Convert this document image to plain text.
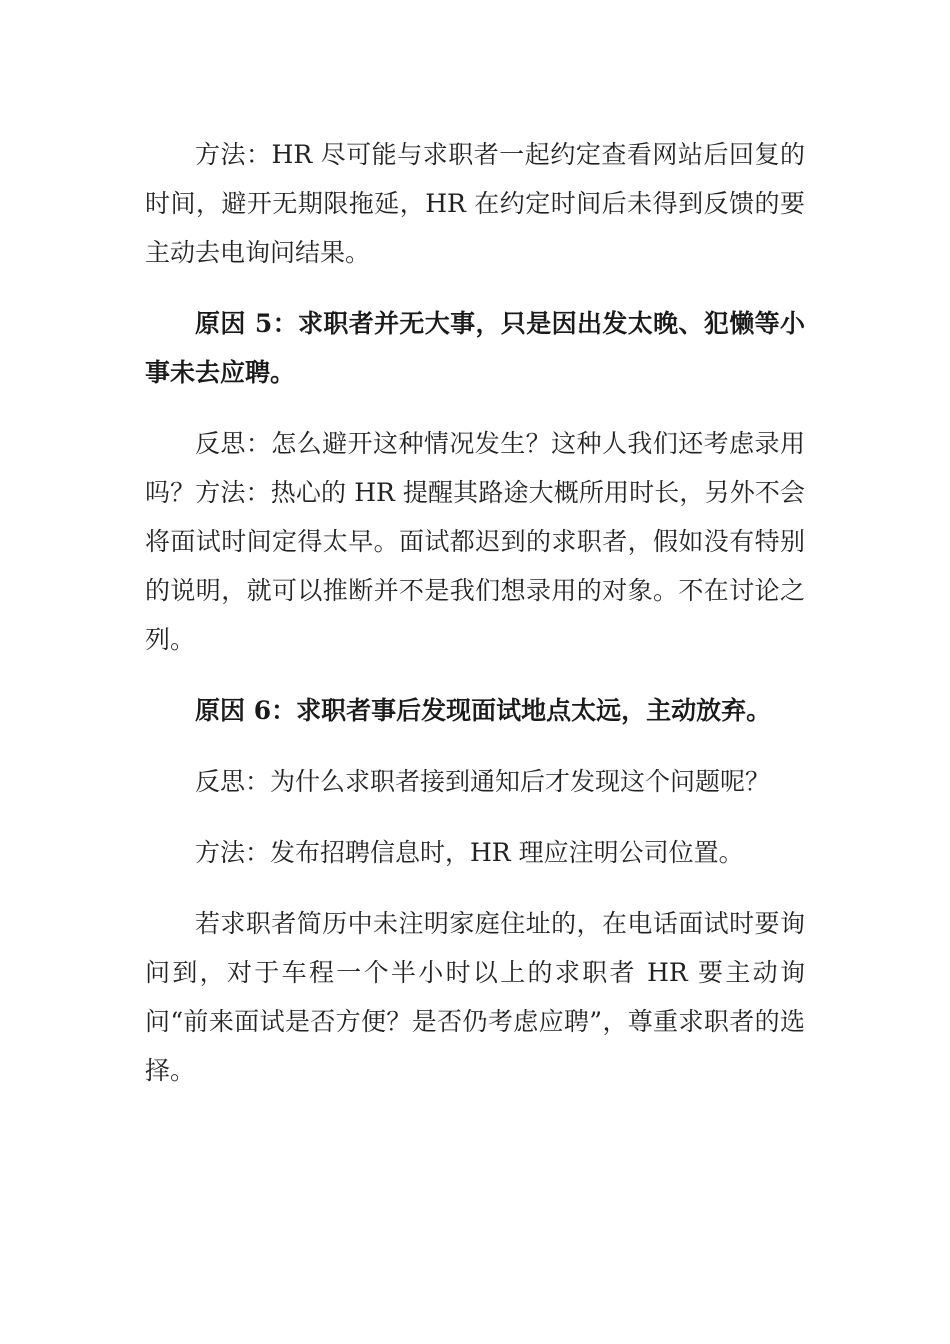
方法：HR 尽可能与求职者一起约定查看网站后回复的时间，避开无期限拖延，HR 在约定时间后未得到反馈的要主动去电询问结果。

原因 5：求职者并无大事，只是因出发太晚、犯懒等小事未去应聘。

反思：怎么避开这种情况发生？这种人我们还考虑录用吗？方法：热心的 HR 提醒其路途大概所用时长，另外不会将面试时间定得太早。面试都迟到的求职者，假如没有特别的说明，就可以推断并不是我们想录用的对象。不在讨论之列。

原因 6：求职者事后发现面试地点太远，主动放弃。

反思：为什么求职者接到通知后才发现这个问题呢？

方法：发布招聘信息时，HR 理应注明公司位置。

若求职者简历中未注明家庭住址的，在电话面试时要询问到，对于车程一个半小时以上的求职者 HR 要主动询问“前来面试是否方便？是否仍考虑应聘”，尊重求职者的选择。
